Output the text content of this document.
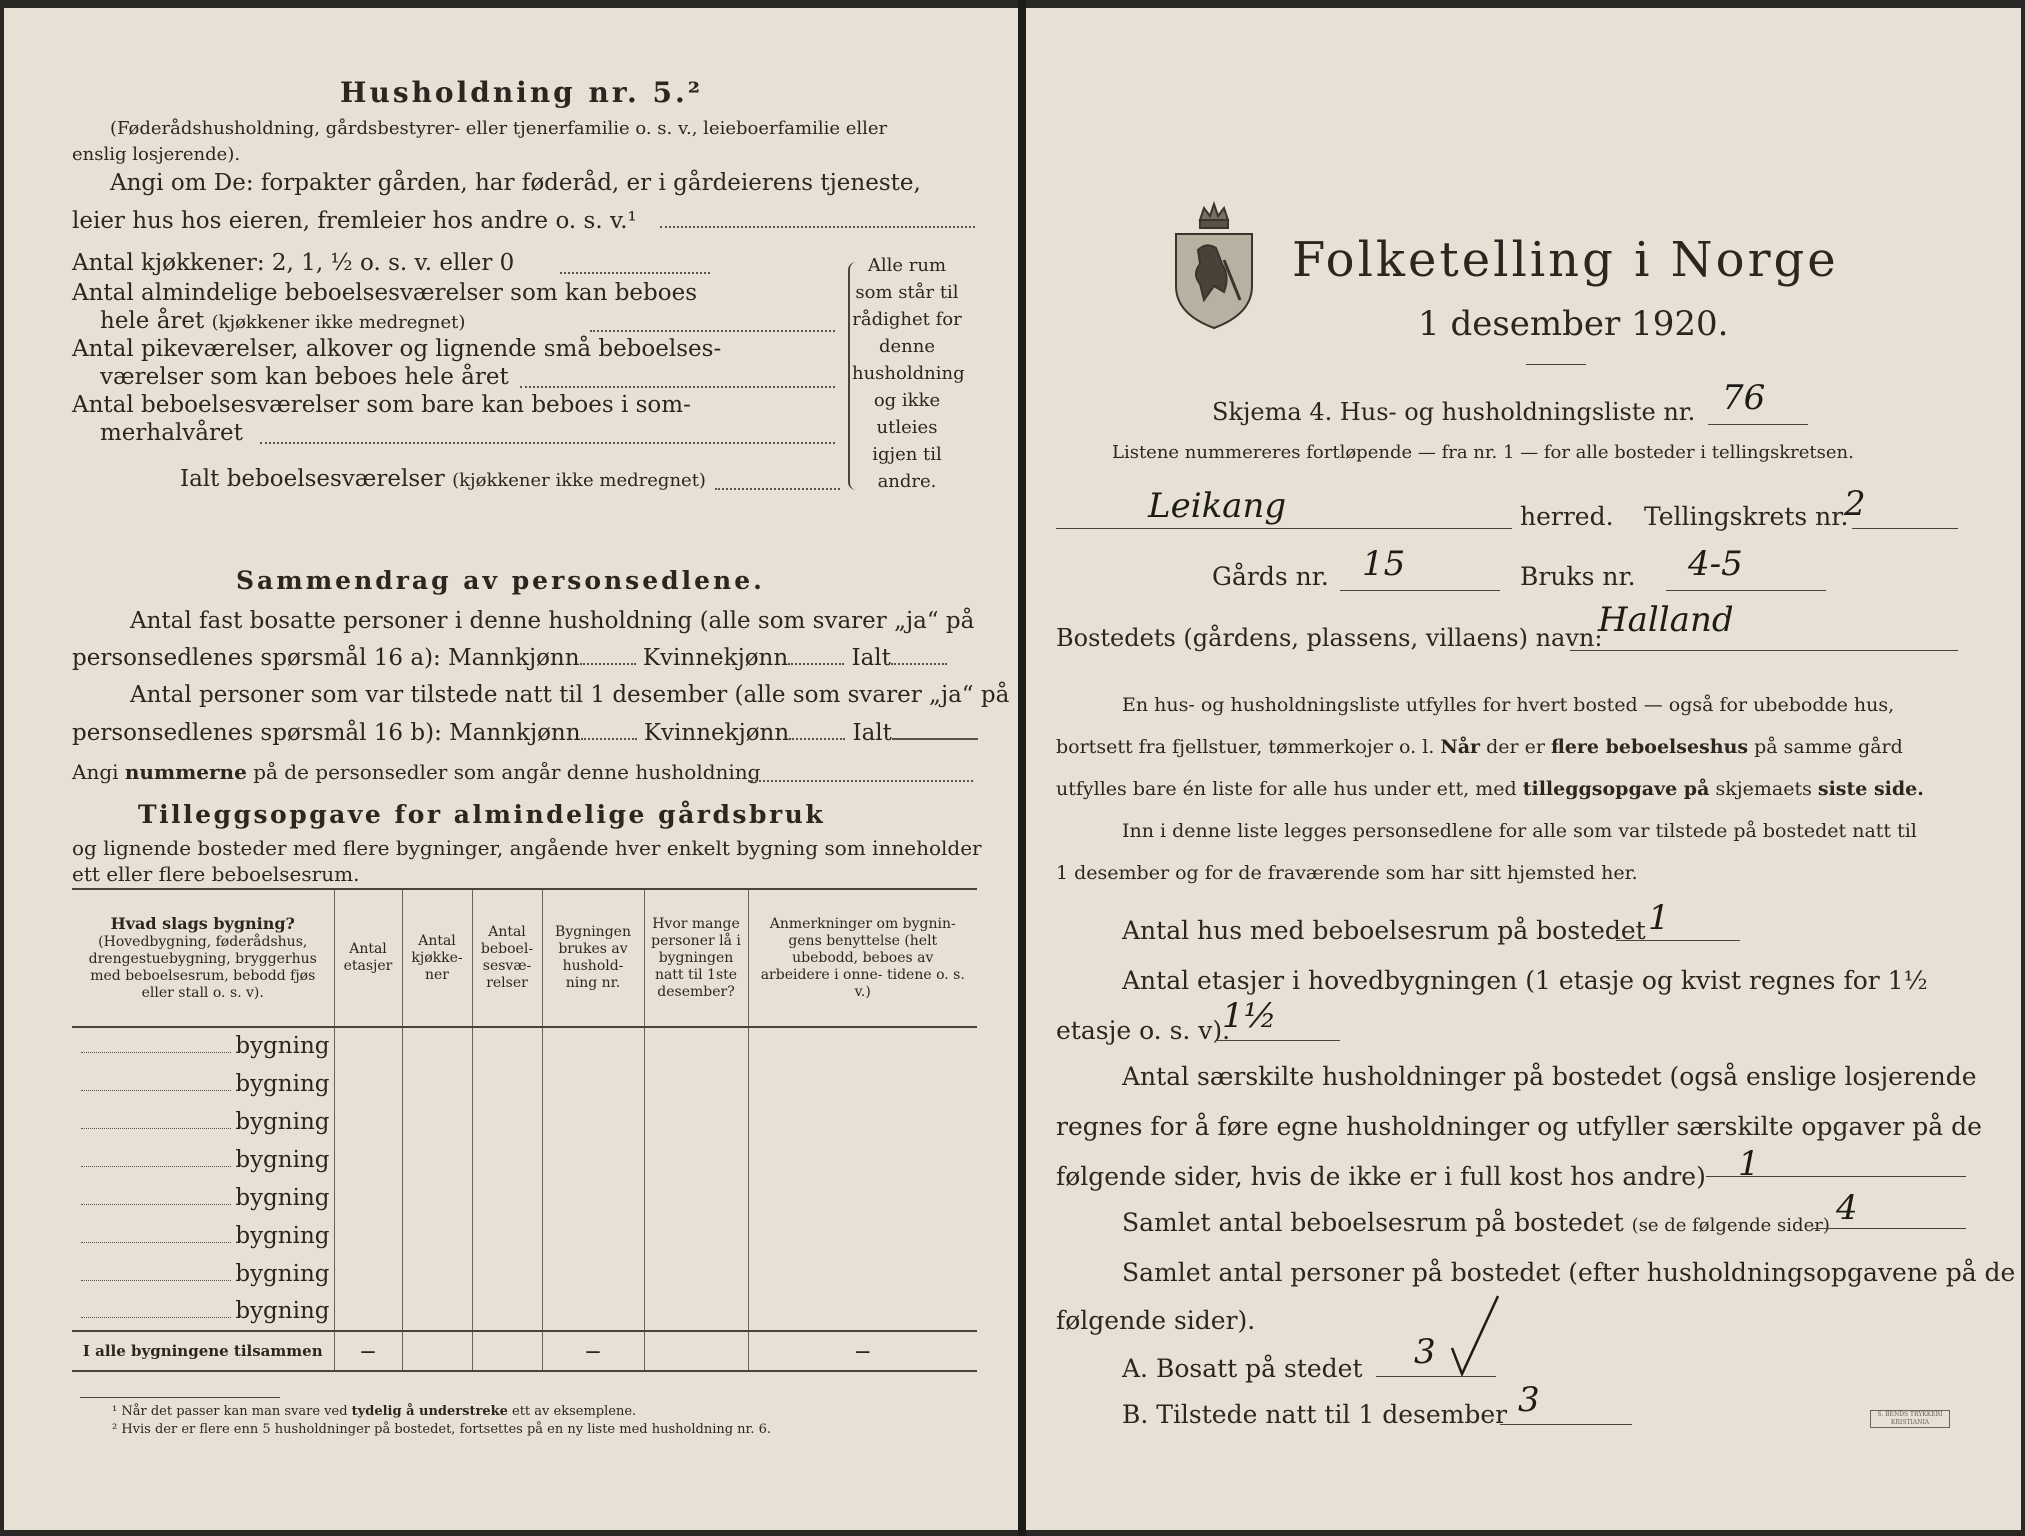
Husholdning nr. 5.²
(Føderådshusholdning, gårdsbestyrer- eller tjenerfamilie o. s. v., leieboerfamilie eller
enslig losjerende).
Angi om De: forpakter gården, har føderåd, er i gårdeierens tjeneste,
leier hus hos eieren, fremleier hos andre o. s. v.¹
Antal kjøkkener: 2, 1, ½ o. s. v. eller 0
Antal almindelige beboelsesværelser som kan beboes
hele året (kjøkkener ikke medregnet)
Antal pikeværelser, alkover og lignende små beboelses-
værelser som kan beboes hele året
Antal beboelsesværelser som bare kan beboes i som-
merhalvåret
Ialt beboelsesværelser (kjøkkener ikke medregnet)
Alle rum som står til rådighet for denne husholdning og ikke utleies igjen til andre.
Sammendrag av personsedlene.
Antal fast bosatte personer i denne husholdning (alle som svarer „ja“ på
personsedlenes spørsmål 16 a): Mannkjønn	Kvinnekjønn	Ialt
Antal personer som var tilstede natt til 1 desember (alle som svarer „ja“ på
personsedlenes spørsmål 16 b): Mannkjønn	Kvinnekjønn	Ialt
Angi nummerne på de personsedler som angår denne husholdning
Tilleggsopgave for almindelige gårdsbruk
og lignende bosteder med flere bygninger, angående hver enkelt bygning som inneholder
ett eller flere beboelsesrum.
Hvad slags bygning?

(Hovedbygning, føderådshus, drengestuebygning, bryggerhus med beboelsesrum, bebodd fjøs eller stall o. s. v).	Antal etasjer	Antal kjøkke- ner	Antal beboel- sesvæ- relser	Bygningen brukes av hushold- ning nr.	Hvor mange personer lå i bygningen natt til 1ste desember?	Anmerkninger om bygnin- gens benyttelse (helt ubebodd, beboes av arbeidere i onne- tidene o. s. v.)

bygning						
bygning						
bygning						
bygning						
bygning						
bygning						
bygning						
bygning						
I alle bygningene tilsammen	—			—		—
¹ Når det passer kan man svare ved tydelig å understreke ett av eksemplene.
² Hvis der er flere enn 5 husholdninger på bostedet, fortsettes på en ny liste med husholdning nr. 6.
Folketelling i Norge
1 desember 1920.
Skjema 4. Hus- og husholdningsliste nr. 76
Listene nummereres fortløpende — fra nr. 1 — for alle bosteder i tellingskretsen.
Leikang	herred. Tellingskrets nr.
2
Gårds nr. 15	Bruks nr. 4-5
Bostedets (gårdens, plassens, villaens) navn:
Halland
En hus- og husholdningsliste utfylles for hvert bosted — også for ubebodde hus,
bortsett fra fjellstuer, tømmerkojer o. l. Når der er flere beboelseshus på samme gård
utfylles bare én liste for alle hus under ett, med tilleggsopgave på skjemaets siste side.
Inn i denne liste legges personsedlene for alle som var tilstede på bostedet natt til
1 desember og for de fraværende som har sitt hjemsted her.
Antal hus med beboelsesrum på bostedet 1
Antal etasjer i hovedbygningen (1 etasje og kvist regnes for 1½
etasje o. s. v).
1½
Antal særskilte husholdninger på bostedet (også enslige losjerende
regnes for å føre egne husholdninger og utfyller særskilte opgaver på de
følgende sider, hvis de ikke er i full kost hos andre) 1
Samlet antal beboelsesrum på bostedet (se de følgende sider) 4
Samlet antal personer på bostedet (efter husholdningsopgavene på de
følgende sider).
A. Bosatt på stedet 3
B. Tilstede natt til 1 desember 3	S. BENDS TRYKKERI KRISTIANIA
